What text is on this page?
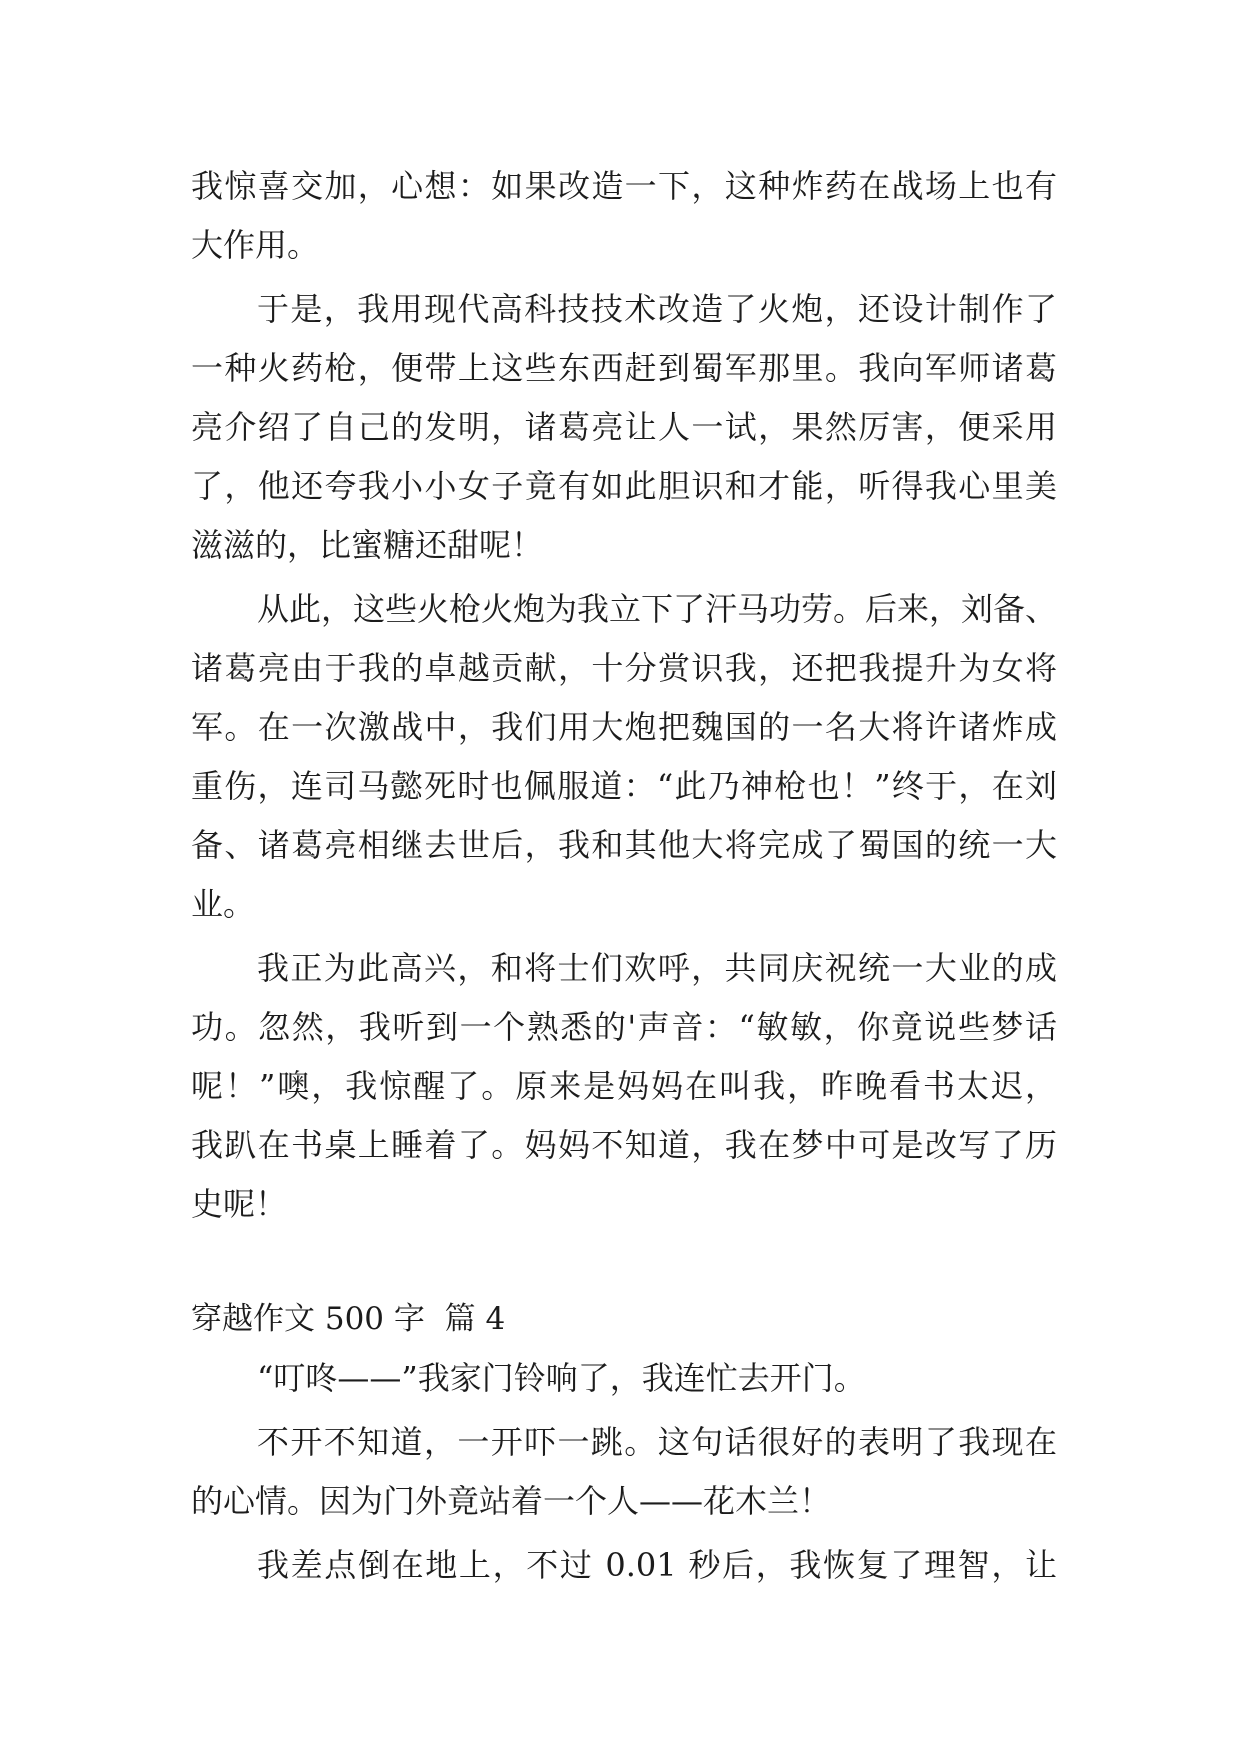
我惊喜交加，心想：如果改造一下，这种炸药在战场上也有
大作用。
于是，我用现代高科技技术改造了火炮，还设计制作了
一种火药枪，便带上这些东西赶到蜀军那里。我向军师诸葛
亮介绍了自己的发明，诸葛亮让人一试，果然厉害，便采用
了，他还夸我小小女子竟有如此胆识和才能，听得我心里美
滋滋的，比蜜糖还甜呢！
从此，这些火枪火炮为我立下了汗马功劳。后来，刘备、
诸葛亮由于我的卓越贡献，十分赏识我，还把我提升为女将
军。在一次激战中，我们用大炮把魏国的一名大将许诸炸成
重伤，连司马懿死时也佩服道：“此乃神枪也！”终于，在刘
备、诸葛亮相继去世后，我和其他大将完成了蜀国的统一大
业。
我正为此高兴，和将士们欢呼，共同庆祝统一大业的成
功。忽然，我听到一个熟悉的'声音：“敏敏，你竟说些梦话
呢！”噢，我惊醒了。原来是妈妈在叫我，昨晚看书太迟，
我趴在书桌上睡着了。妈妈不知道，我在梦中可是改写了历
史呢！
穿越作文 500 字  篇 4
“叮咚——”我家门铃响了，我连忙去开门。
不开不知道，一开吓一跳。这句话很好的表明了我现在
的心情。因为门外竟站着一个人——花木兰！
我差点倒在地上，不过 0.01 秒后，我恢复了理智，让
